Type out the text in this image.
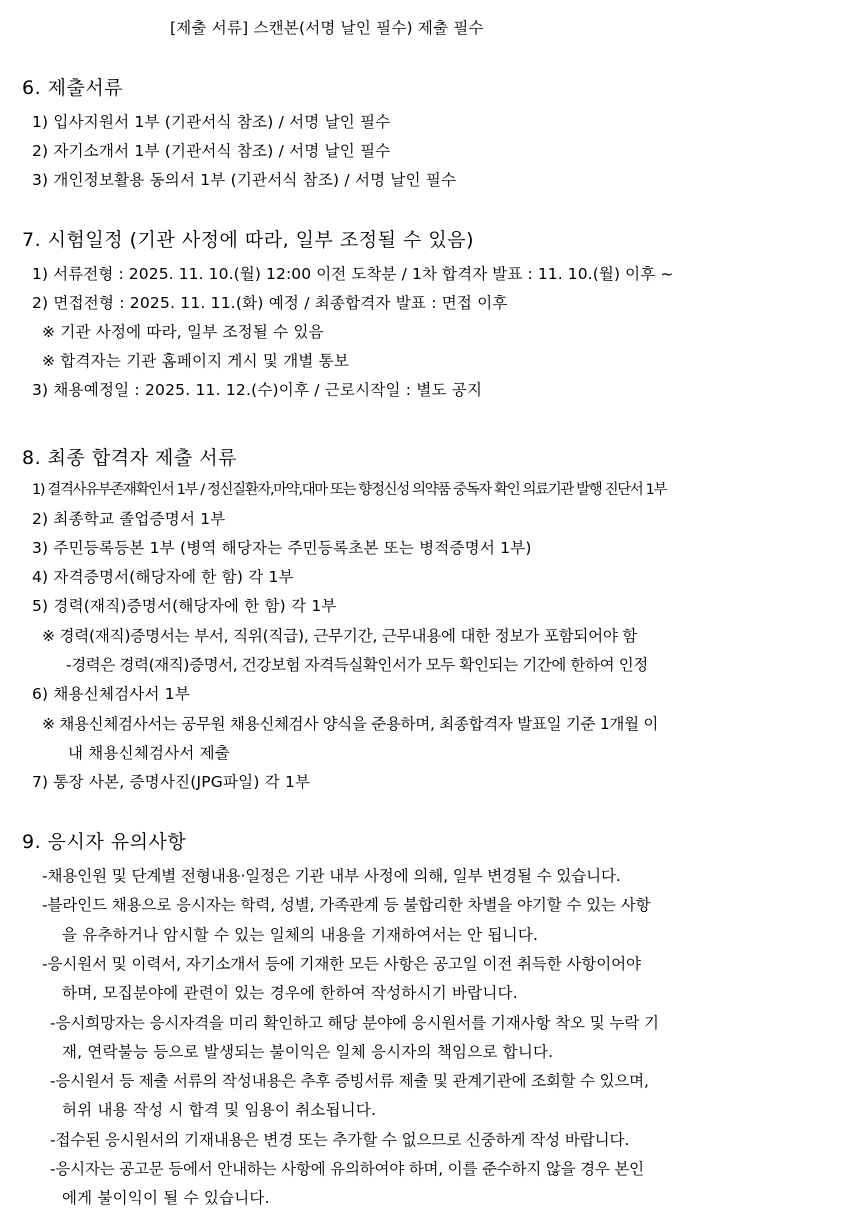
[제출 서류] 스캔본(서명 날인 필수) 제출 필수
6. 제출서류
1) 입사지원서 1부 (기관서식 참조) / 서명 날인 필수
2) 자기소개서 1부 (기관서식 참조) / 서명 날인 필수
3) 개인정보활용 동의서 1부 (기관서식 참조) / 서명 날인 필수
7. 시험일정 (기관 사정에 따라, 일부 조정될 수 있음)
1) 서류전형 : 2025. 11. 10.(월) 12:00 이전 도착분 / 1차 합격자 발표 : 11. 10.(월) 이후 ~
2) 면접전형 : 2025. 11. 11.(화) 예정 / 최종합격자 발표 : 면접 이후
※ 기관 사정에 따라, 일부 조정될 수 있음
※ 합격자는 기관 홈페이지 게시 및 개별 통보
3) 채용예정일 : 2025. 11. 12.(수)이후 / 근로시작일 : 별도 공지
8. 최종 합격자 제출 서류
1) 결격사유부존재확인서 1부 / 정신질환자,마약,대마 또는 향정신성 의약품 중독자 확인 의료기관 발행 진단서 1부
2) 최종학교 졸업증명서 1부
3) 주민등록등본 1부 (병역 해당자는 주민등록초본 또는 병적증명서 1부)
4) 자격증명서(해당자에 한 함) 각 1부
5) 경력(재직)증명서(해당자에 한 함) 각 1부
※ 경력(재직)증명서는 부서, 직위(직급), 근무기간, 근무내용에 대한 정보가 포함되어야 함
-경력은 경력(재직)증명서, 건강보험 자격득실확인서가 모두 확인되는 기간에 한하여 인정
6) 채용신체검사서 1부
※ 채용신체검사서는 공무원 채용신체검사 양식을 준용하며, 최종합격자 발표일 기준 1개월 이
내 채용신체검사서 제출
7) 통장 사본, 증명사진(JPG파일) 각 1부
9. 응시자 유의사항
-채용인원 및 단계별 전형내용·일정은 기관 내부 사정에 의해, 일부 변경될 수 있습니다.
-블라인드 채용으로 응시자는 학력, 성별, 가족관계 등 불합리한 차별을 야기할 수 있는 사항
을 유추하거나 암시할 수 있는 일체의 내용을 기재하여서는 안 됩니다.
-응시원서 및 이력서, 자기소개서 등에 기재한 모든 사항은 공고일 이전 취득한 사항이어야
하며, 모집분야에 관련이 있는 경우에 한하여 작성하시기 바랍니다.
-응시희망자는 응시자격을 미리 확인하고 해당 분야에 응시원서를 기재사항 착오 및 누락 기
재, 연락불능 등으로 발생되는 불이익은 일체 응시자의 책임으로 합니다.
-응시원서 등 제출 서류의 작성내용은 추후 증빙서류 제출 및 관계기관에 조회할 수 있으며,
허위 내용 작성 시 합격 및 임용이 취소됩니다.
-접수된 응시원서의 기재내용은 변경 또는 추가할 수 없으므로 신중하게 작성 바랍니다.
-응시자는 공고문 등에서 안내하는 사항에 유의하여야 하며, 이를 준수하지 않을 경우 본인
에게 불이익이 될 수 있습니다.
